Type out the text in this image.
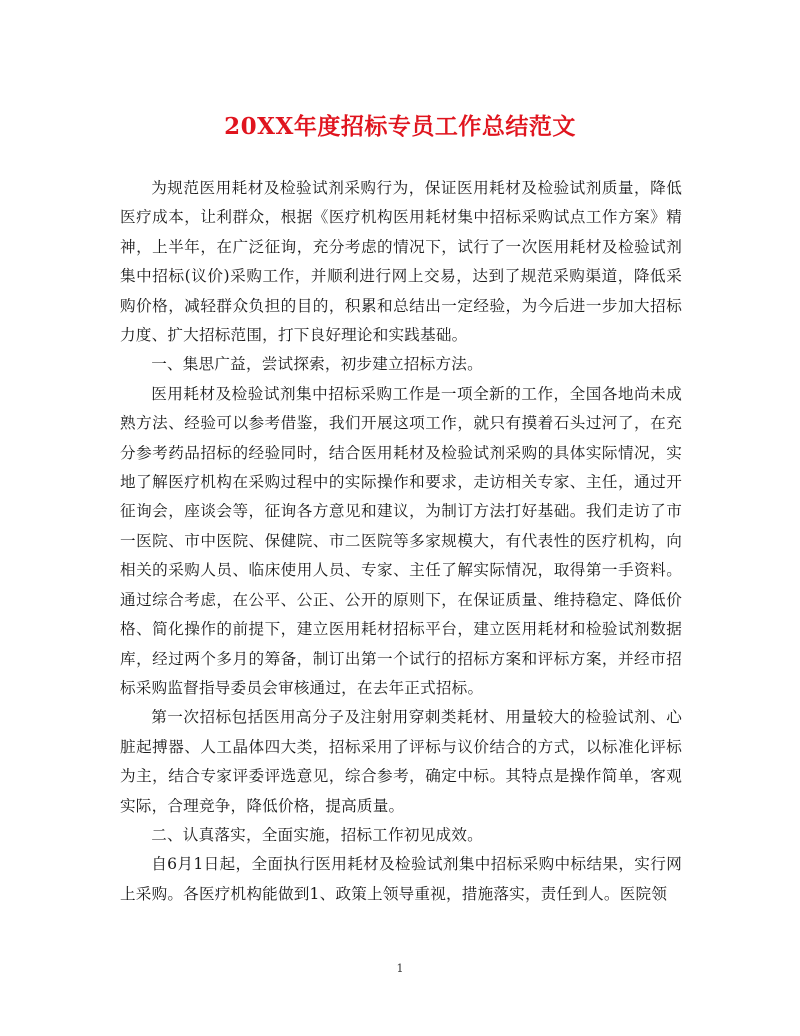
20XX年度招标专员工作总结范文

为规范医用耗材及检验试剂采购行为，保证医用耗材及检验试剂质量，降低医疗成本，让利群众，根据《医疗机构医用耗材集中招标采购试点工作方案》精神，上半年，在广泛征询，充分考虑的情况下，试行了一次医用耗材及检验试剂集中招标(议价)采购工作，并顺利进行网上交易，达到了规范采购渠道，降低采购价格，减轻群众负担的目的，积累和总结出一定经验，为今后进一步加大招标力度、扩大招标范围，打下良好理论和实践基础。

一、集思广益，尝试探索，初步建立招标方法。

医用耗材及检验试剂集中招标采购工作是一项全新的工作，全国各地尚未成熟方法、经验可以参考借鉴，我们开展这项工作，就只有摸着石头过河了，在充分参考药品招标的经验同时，结合医用耗材及检验试剂采购的具体实际情况，实地了解医疗机构在采购过程中的实际操作和要求，走访相关专家、主任，通过开征询会，座谈会等，征询各方意见和建议，为制订方法打好基础。我们走访了市一医院、市中医院、保健院、市二医院等多家规模大，有代表性的医疗机构，向相关的采购人员、临床使用人员、专家、主任了解实际情况，取得第一手资料。通过综合考虑，在公平、公正、公开的原则下，在保证质量、维持稳定、降低价格、简化操作的前提下，建立医用耗材招标平台，建立医用耗材和检验试剂数据库，经过两个多月的筹备，制订出第一个试行的招标方案和评标方案，并经市招标采购监督指导委员会审核通过，在去年正式招标。

第一次招标包括医用高分子及注射用穿刺类耗材、用量较大的检验试剂、心脏起搏器、人工晶体四大类，招标采用了评标与议价结合的方式，以标准化评标为主，结合专家评委评选意见，综合参考，确定中标。其特点是操作简单，客观实际，合理竞争，降低价格，提高质量。

二、认真落实，全面实施，招标工作初见成效。

自6月1日起，全面执行医用耗材及检验试剂集中招标采购中标结果，实行网上采购。各医疗机构能做到1、政策上领导重视，措施落实，责任到人。医院领

1
